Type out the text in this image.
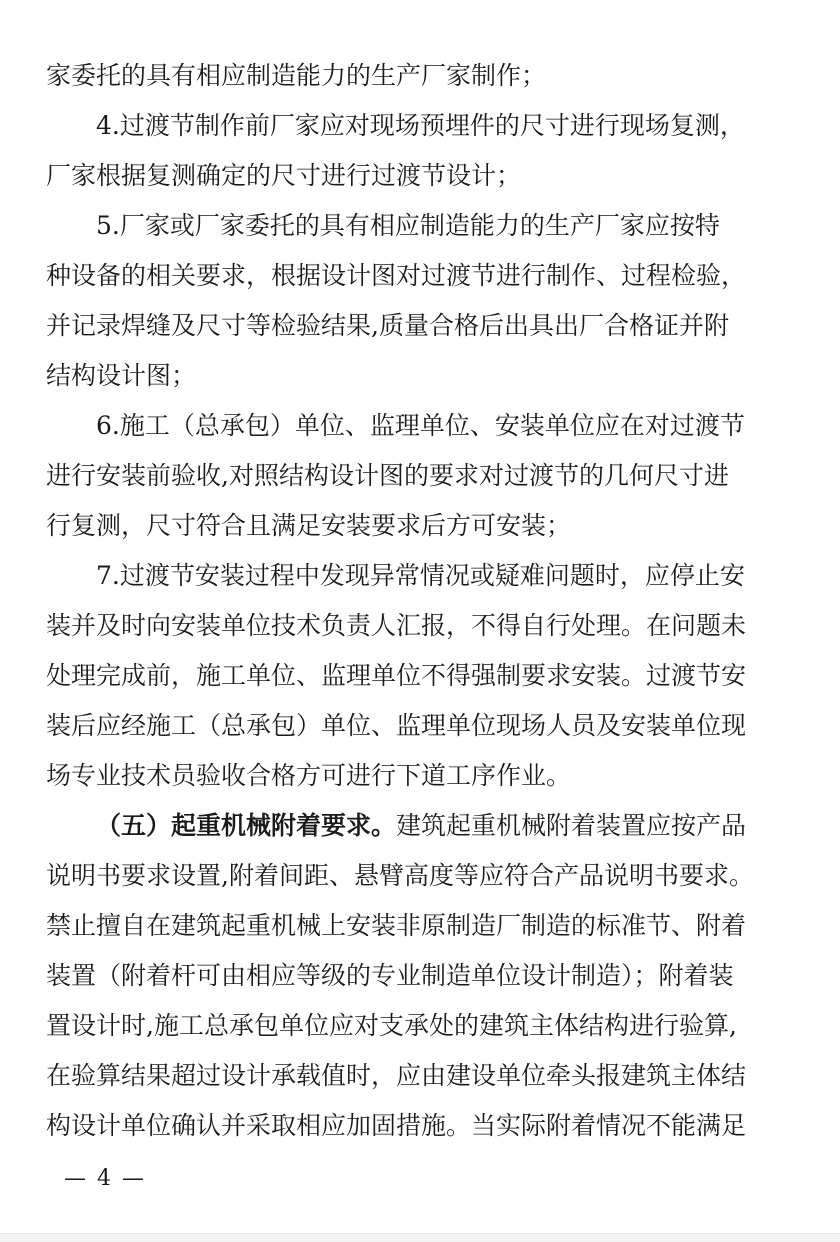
家委托的具有相应制造能力的生产厂家制作；
4.过渡节制作前厂家应对现场预埋件的尺寸进行现场复测，
厂家根据复测确定的尺寸进行过渡节设计；
5.厂家或厂家委托的具有相应制造能力的生产厂家应按特
种设备的相关要求，根据设计图对过渡节进行制作、过程检验，
并记录焊缝及尺寸等检验结果,质量合格后出具出厂合格证并附
结构设计图；
6.施工（总承包）单位、监理单位、安装单位应在对过渡节
进行安装前验收,对照结构设计图的要求对过渡节的几何尺寸进
行复测，尺寸符合且满足安装要求后方可安装；
7.过渡节安装过程中发现异常情况或疑难问题时，应停止安
装并及时向安装单位技术负责人汇报，不得自行处理。在问题未
处理完成前，施工单位、监理单位不得强制要求安装。过渡节安
装后应经施工（总承包）单位、监理单位现场人员及安装单位现
场专业技术员验收合格方可进行下道工序作业。
（五）起重机械附着要求。建筑起重机械附着装置应按产品
说明书要求设置,附着间距、悬臂高度等应符合产品说明书要求。
禁止擅自在建筑起重机械上安装非原制造厂制造的标准节、附着
装置（附着杆可由相应等级的专业制造单位设计制造）；附着装
置设计时,施工总承包单位应对支承处的建筑主体结构进行验算,
在验算结果超过设计承载值时，应由建设单位牵头报建筑主体结
构设计单位确认并采取相应加固措施。当实际附着情况不能满足
— 4 —
